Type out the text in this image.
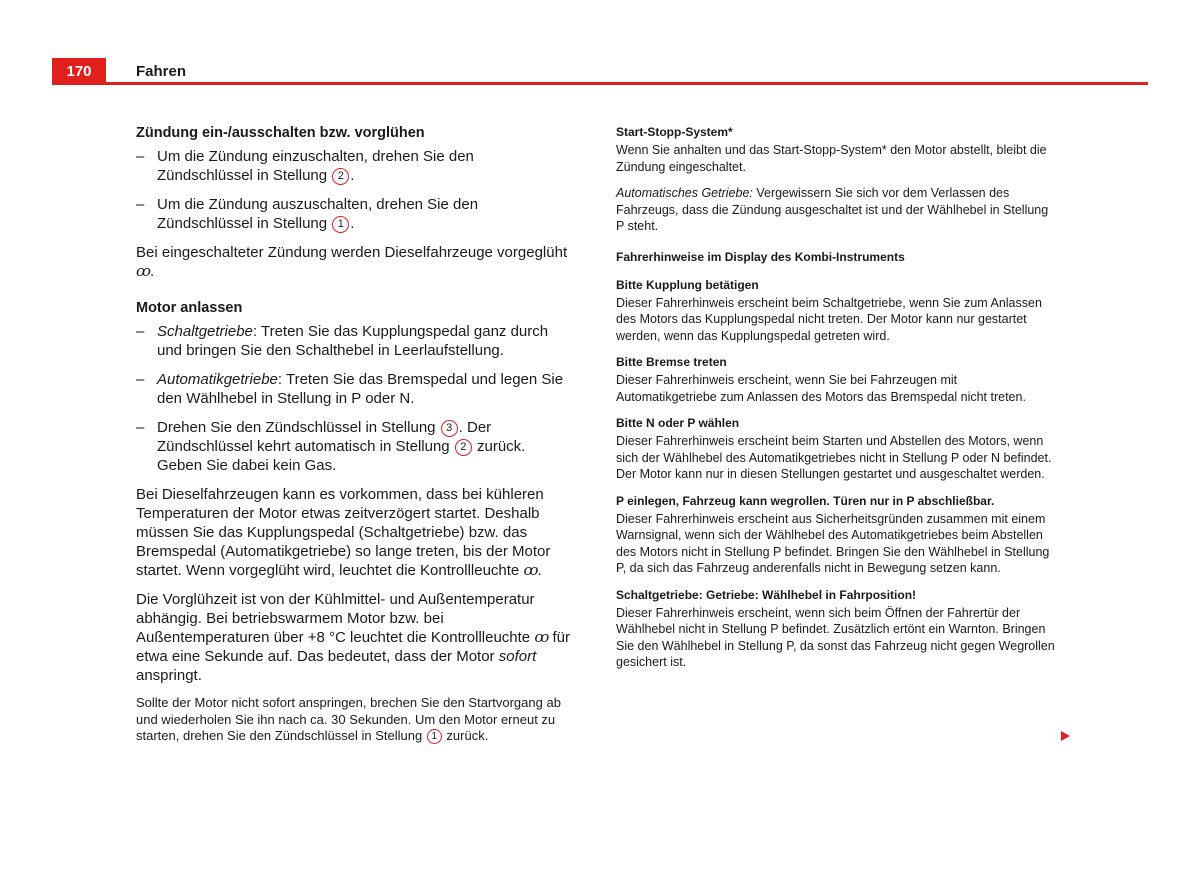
170	Fahren
Zündung ein-/ausschalten bzw. vorglühen
– Um die Zündung einzuschalten, drehen Sie den Zündschlüssel in Stellung 2 .
– Um die Zündung auszuschalten, drehen Sie den Zündschlüssel in Stellung 1 .

Bei eingeschalteter Zündung werden Dieselfahrzeuge vorgeglüht
ꝏ.

Motor anlassen
– Schaltgetriebe: Treten Sie das Kupplungspedal ganz durch und bringen Sie den Schalthebel in Leerlaufstellung.
– Automatikgetriebe: Treten Sie das Bremspedal und legen Sie den Wählhebel in Stellung in P oder N.
– Drehen Sie den Zündschlüssel in Stellung 3 . Der Zündschlüssel kehrt automatisch in Stellung 2 zurück. Geben Sie dabei kein Gas.

Bei Dieselfahrzeugen kann es vorkommen, dass bei kühleren Temperaturen der Motor etwas zeitverzögert startet. Deshalb müssen Sie das Kupplungspedal (Schaltgetriebe) bzw. das Bremspedal (Automatikgetriebe) so lange treten, bis der Motor startet. Wenn vorgeglüht wird, leuchtet die Kontrollleuchte ꝏ.

Die Vorglühzeit ist von der Kühlmittel- und Außentemperatur abhängig. Bei betriebswarmem Motor bzw. bei Außentemperaturen über +8 °C leuchtet die Kontrollleuchte ꝏ für etwa eine Sekunde auf. Das bedeutet, dass der Motor sofort anspringt.

Sollte der Motor nicht sofort anspringen, brechen Sie den Startvorgang ab und wiederholen Sie ihn nach ca. 30 Sekunden. Um den Motor erneut zu starten, drehen Sie den Zündschlüssel in Stellung 1 zurück.

Start-Stopp-System*

Wenn Sie anhalten und das Start-Stopp-System* den Motor abstellt, bleibt die Zündung eingeschaltet.

Automatisches Getriebe: Vergewissern Sie sich vor dem Verlassen des Fahrzeugs, dass die Zündung ausgeschaltet ist und der Wählhebel in Stellung P steht.

Fahrerhinweise im Display des Kombi-Instruments
Bitte Kupplung betätigen

Dieser Fahrerhinweis erscheint beim Schaltgetriebe, wenn Sie zum Anlassen des Motors das Kupplungspedal nicht treten. Der Motor kann nur gestartet werden, wenn das Kupplungspedal getreten wird.

Bitte Bremse treten

Dieser Fahrerhinweis erscheint, wenn Sie bei Fahrzeugen mit Automatikgetriebe zum Anlassen des Motors das Bremspedal nicht treten.

Bitte N oder P wählen

Dieser Fahrerhinweis erscheint beim Starten und Abstellen des Motors, wenn sich der Wählhebel des Automatikgetriebes nicht in Stellung P oder N befindet. Der Motor kann nur in diesen Stellungen gestartet und ausgeschaltet werden.

P einlegen, Fahrzeug kann wegrollen. Türen nur in P abschließbar.

Dieser Fahrerhinweis erscheint aus Sicherheitsgründen zusammen mit einem Warnsignal, wenn sich der Wählhebel des Automatikgetriebes beim Abstellen des Motors nicht in Stellung P befindet. Bringen Sie den Wählhebel in Stellung P, da sich das Fahrzeug anderenfalls nicht in Bewegung setzen kann.

Schaltgetriebe: Getriebe: Wählhebel in Fahrposition!

Dieser Fahrerhinweis erscheint, wenn sich beim Öffnen der Fahrertür der Wählhebel nicht in Stellung P befindet. Zusätzlich ertönt ein Warnton. Bringen Sie den Wählhebel in Stellung P, da sonst das Fahrzeug nicht gegen Wegrollen gesichert ist.
